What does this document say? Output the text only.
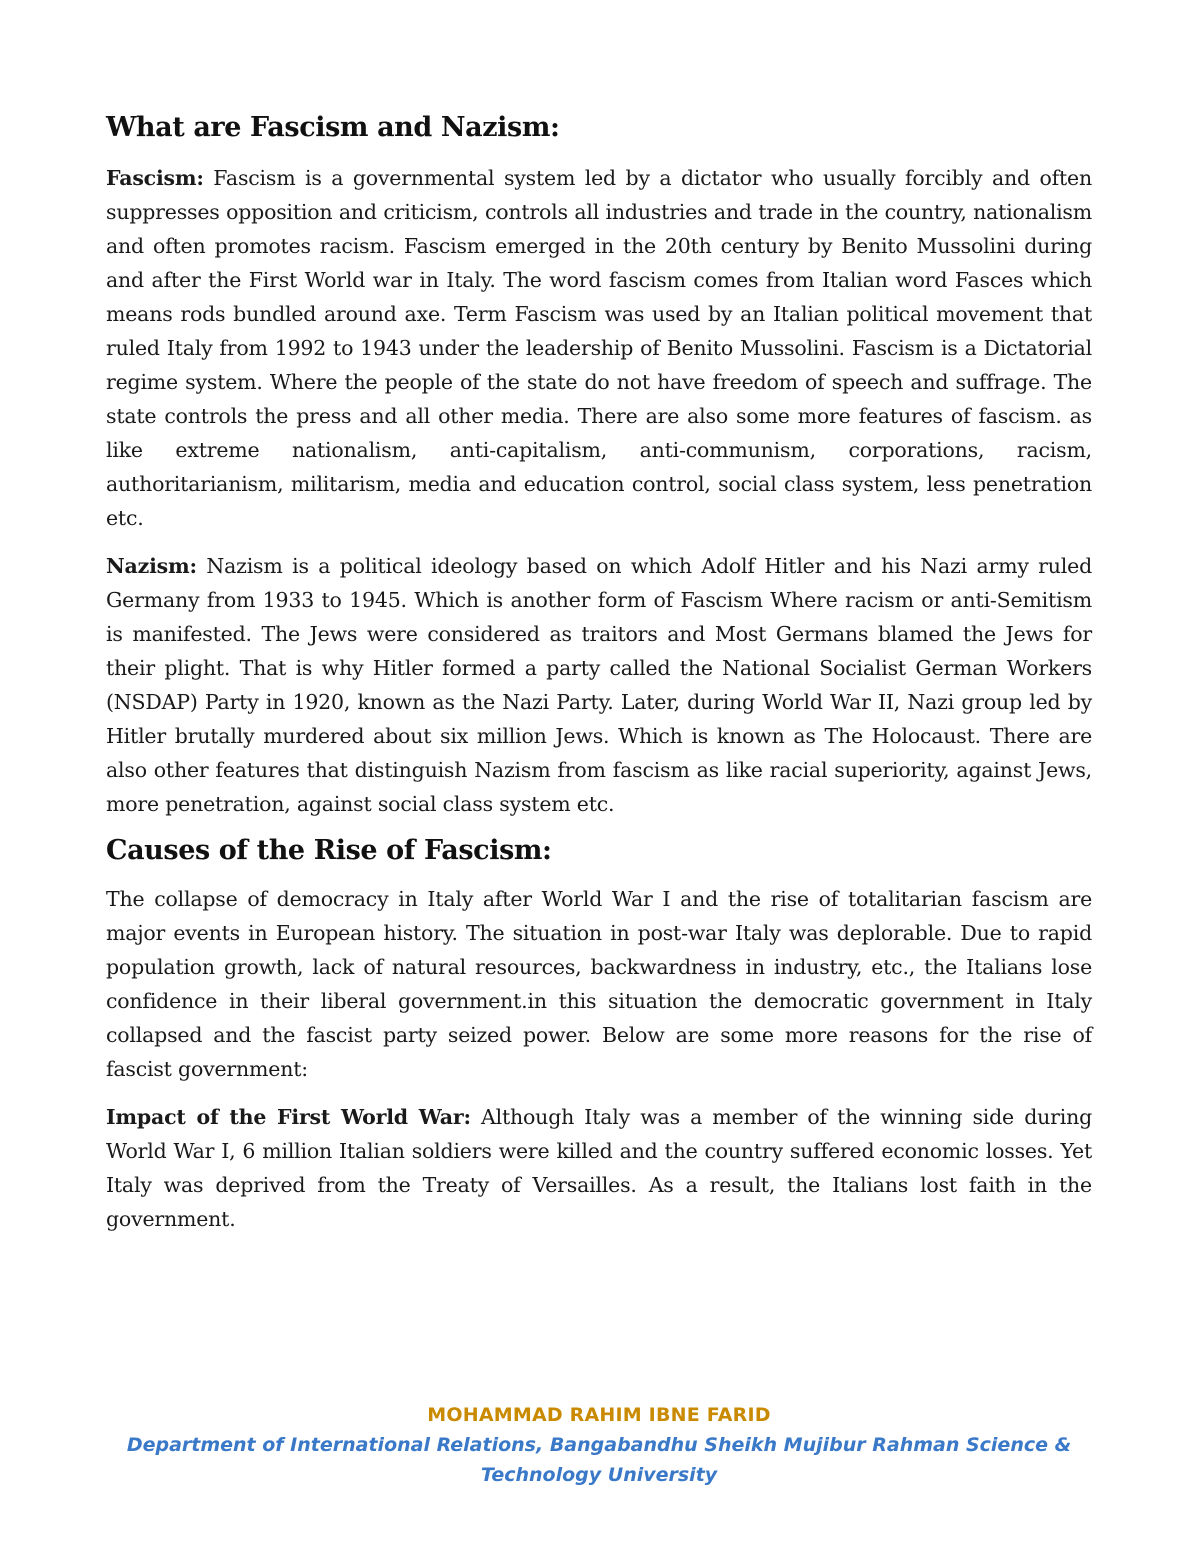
What are Fascism and Nazism:

Fascism: Fascism is a governmental system led by a dictator who usually forcibly and often suppresses opposition and criticism, controls all industries and trade in the country, nationalism and often promotes racism. Fascism emerged in the 20th century by Benito Mussolini during and after the First World war in Italy. The word fascism comes from Italian word Fasces which means rods bundled around axe. Term Fascism was used by an Italian political movement that ruled Italy from 1992 to 1943 under the leadership of Benito Mussolini. Fascism is a Dictatorial regime system. Where the people of the state do not have freedom of speech and suffrage. The state controls the press and all other media. There are also some more features of fascism. as like extreme nationalism, anti-capitalism, anti-communism, corporations, racism, authoritarianism, militarism, media and education control, social class system, less penetration etc.

Nazism: Nazism is a political ideology based on which Adolf Hitler and his Nazi army ruled Germany from 1933 to 1945. Which is another form of Fascism Where racism or anti-Semitism is manifested. The Jews were considered as traitors and Most Germans blamed the Jews for their plight. That is why Hitler formed a party called the National Socialist German Workers (NSDAP) Party in 1920, known as the Nazi Party. Later, during World War II, Nazi group led by Hitler brutally murdered about six million Jews. Which is known as The Holocaust. There are also other features that distinguish Nazism from fascism as like racial superiority, against Jews, more penetration, against social class system etc.

Causes of the Rise of Fascism:

The collapse of democracy in Italy after World War I and the rise of totalitarian fascism are major events in European history. The situation in post-war Italy was deplorable. Due to rapid population growth, lack of natural resources, backwardness in industry, etc., the Italians lose confidence in their liberal government.in this situation the democratic government in Italy collapsed and the fascist party seized power. Below are some more reasons for the rise of fascist government:

Impact of the First World War: Although Italy was a member of the winning side during World War I, 6 million Italian soldiers were killed and the country suffered economic losses. Yet Italy was deprived from the Treaty of Versailles. As a result, the Italians lost faith in the government.

MOHAMMAD RAHIM IBNE FARID
Department of International Relations, Bangabandhu Sheikh Mujibur Rahman Science & Technology University
